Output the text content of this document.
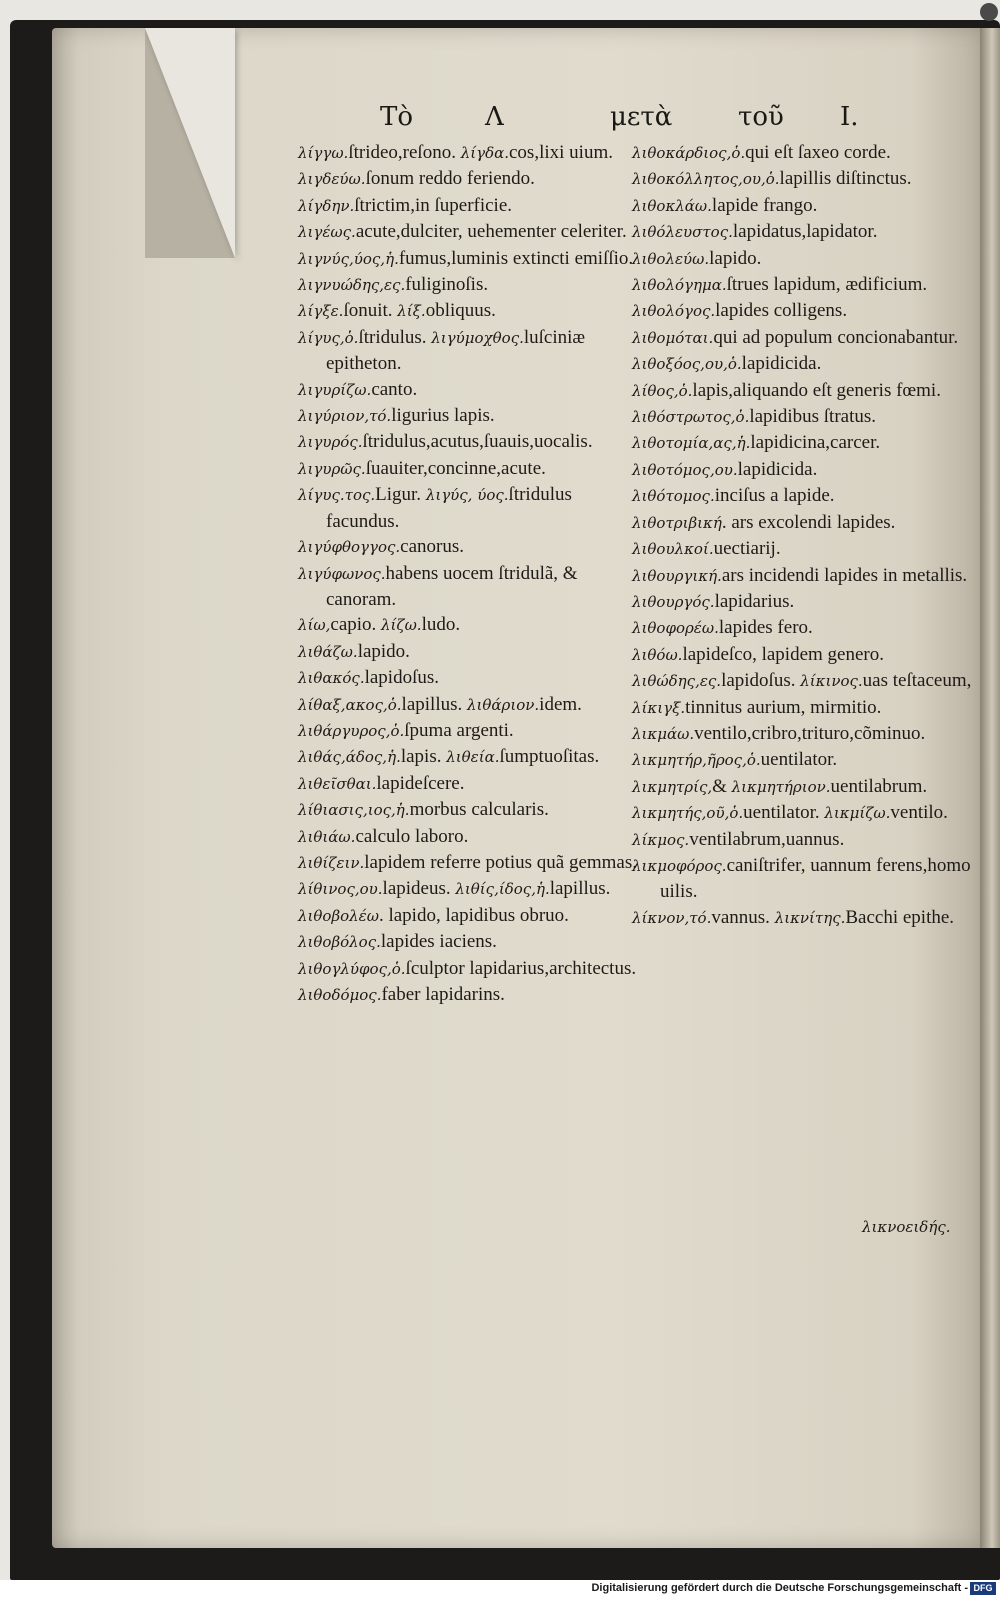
Τὸ	Λ	μετὰ	τοῦ I.

λίγγω.ſtrideo,reſono. λίγδα.cos,lixi uium.

λιγδεύω.ſonum reddo feriendo.

λίγδην.ſtrictim,in ſuperficie.

λιγέως.acute,dulciter, uehementer celeriter.

λιγνύς,ύος,ἡ.fumus,luminis extincti emiſſio.

λιγνυώδης,ες.fuliginoſis.

λίγξε.ſonuit. λίξ.obliquus.

λίγυς,ὁ.ſtridulus. λιγύμοχθος.luſciniæ epitheton.

λιγυρίζω.canto.

λιγύριον,τό.ligurius lapis.

λιγυρός.ſtridulus,acutus,ſuauis,uocalis.

λιγυρῶς.ſuauiter,concinne,acute.

λίγυς.τος.Ligur. λιγύς, ύος.ſtridulus facundus.

λιγύφθογγος.canorus.

λιγύφωνος.habens uocem ſtridulã, & canoram.

λίω,capio. λίζω.ludo.

λιθάζω.lapido.

λιθακός.lapidoſus.

λίθαξ,ακος,ὁ.lapillus. λιθάριον.idem.

λιθάργυρος,ὁ.ſpuma argenti.

λιθάς,άδος,ἡ.lapis. λιθεία.ſumptuoſitas.

λιθεῖσθαι.lapideſcere.

λίθιασις,ιος,ἡ.morbus calcularis.

λιθιάω.calculo laboro.

λιθίζειν.lapidem referre potius quã gemmas.

λίθινος,ου.lapideus. λιθίς,ίδος,ἡ.lapillus.

λιθοβολέω. lapido, lapidibus obruo.

λιθοβόλος.lapides iaciens.

λιθογλύφος,ὁ.ſculptor lapidarius,architectus.

λιθοδόμος.faber lapidarins.

λιθοκάρδιος,ὁ.qui eſt ſaxeo corde.

λιθοκόλλητος,ου,ὁ.lapillis diſtinctus.

λιθοκλάω.lapide frango.

λιθόλευστος.lapidatus,lapidator.

λιθολεύω.lapido.

λιθολόγημα.ſtrues lapidum, ædificium.

λιθολόγος.lapides colligens.

λιθομόται.qui ad populum concionabantur.

λιθοξόος,ου,ὁ.lapidicida.

λίθος,ὁ.lapis,aliquando eſt generis fœmi.

λιθόστρωτος,ὁ.lapidibus ſtratus.

λιθοτομία,ας,ἡ.lapidicina,carcer.

λιθοτόμος,ου.lapidicida.

λιθότομος.inciſus a lapide.

λιθοτριβική. ars excolendi lapides.

λιθουλκοί.uectiarij.

λιθουργική.ars incidendi lapides in metallis.

λιθουργός.lapidarius.

λιθοφορέω.lapides fero.

λιθόω.lapideſco, lapidem genero.

λιθώδης,ες.lapidoſus. λίκινος.uas teſtaceum,

λίκιγξ.tinnitus aurium, mirmitio.

λικμάω.ventilo,cribro,trituro,cõminuo.

λικμητήρ,ῆρος,ὁ.uentilator.

λικμητρίς,& λικμητήριον.uentilabrum.

λικμητής,οῦ,ὁ.uentilator. λικμίζω.ventilo.

λίκμος.ventilabrum,uannus.

λικμοφόρος.caniſtrifer, uannum ferens,homo uilis.

λίκνον,τό.vannus. λικνίτης.Bacchi epithe.

λικνοειδής.
Digitalisierung gefördert durch die Deutsche Forschungsgemeinschaft - DFG
